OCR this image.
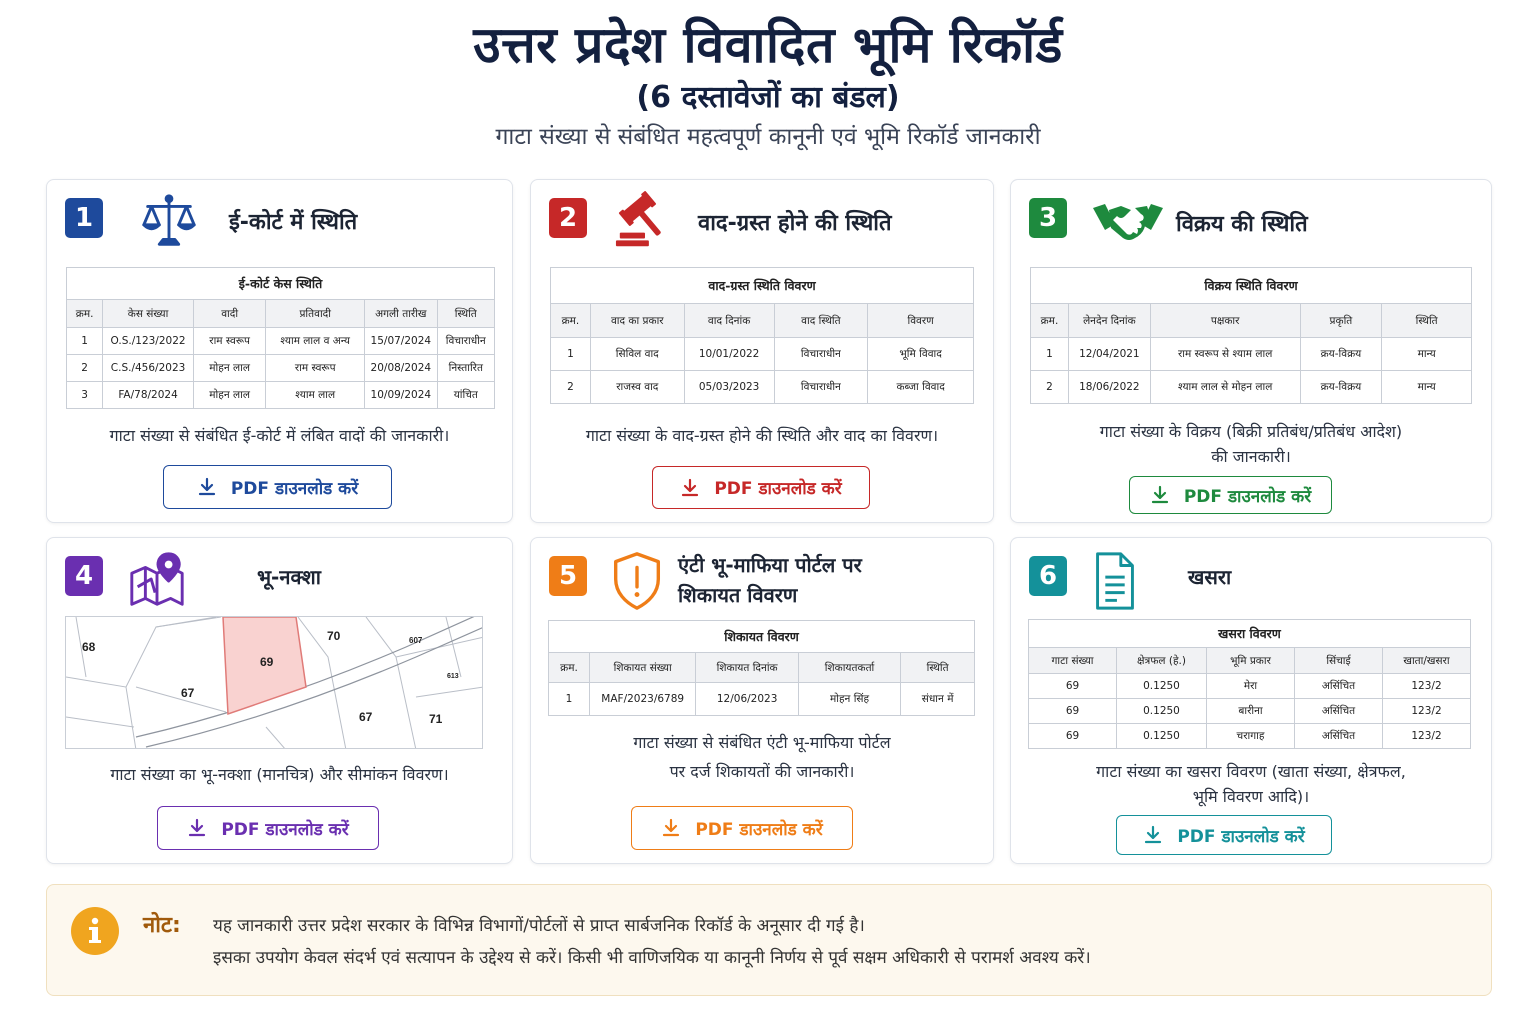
उत्तर प्रदेश विवादित भूमि रिकॉर्ड
(6 दस्तावेजों का बंडल)
गाटा संख्या से संबंधित महत्वपूर्ण कानूनी एवं भूमि रिकॉर्ड जानकारी
1	ई-कोर्ट में स्थिति
ई-कोर्ट केस स्थिति					
क्रम.	केस संख्या	वादी	प्रतिवादी	अगली तारीख	स्थिति
1	O.S./123/2022	राम स्वरूप	श्याम लाल व अन्य	15/07/2024	विचाराधीन
2	C.S./456/2023	मोहन लाल	राम स्वरूप	20/08/2024	निस्तारित
3	FA/78/2024	मोहन लाल	श्याम लाल	10/09/2024	यांचित
गाटा संख्या से संबंधित ई-कोर्ट में लंबित वादों की जानकारी।
PDF डाउनलोड करें
2	वाद-ग्रस्त होने की स्थिति
वाद-ग्रस्त स्थिति विवरण				
क्रम.	वाद का प्रकार	वाद दिनांक	वाद स्थिति	विवरण
1	सिविल वाद	10/01/2022	विचाराधीन	भूमि विवाद
2	राजस्व वाद	05/03/2023	विचाराधीन	कब्जा विवाद
गाटा संख्या के वाद-ग्रस्त होने की स्थिति और वाद का विवरण।
PDF डाउनलोड करें
3	विक्रय की स्थिति
विक्रय स्थिति विवरण				
क्रम.	लेनदेन दिनांक	पक्षकार	प्रकृति	स्थिति
1	12/04/2021	राम स्वरूप से श्याम लाल	क्रय-विक्रय	मान्य
2	18/06/2022	श्याम लाल से मोहन लाल	क्रय-विक्रय	मान्य
गाटा संख्या के विक्रय (बिक्री प्रतिबंध/प्रतिबंध आदेश)
की जानकारी।
PDF डाउनलोड करें
4	भू-नक्शा
68
69
70
67
67	71
607
613
गाटा संख्या का भू-नक्शा (मानचित्र) और सीमांकन विवरण।
PDF डाउनलोड करें
5	एंटी भू-माफिया पोर्टल पर
शिकायत विवरण
शिकायत विवरण				
क्रम.	शिकायत संख्या	शिकायत दिनांक	शिकायतकर्ता	स्थिति
1	MAF/2023/6789	12/06/2023	मोहन सिंह	संधान में
गाटा संख्या से संबंधित एंटी भू-माफिया पोर्टल
पर दर्ज शिकायतों की जानकारी।
PDF डाउनलोड करें
6	खसरा
खसरा विवरण				
गाटा संख्या	क्षेत्रफल (हे.)	भूमि प्रकार	सिंचाई	खाता/खसरा
69	0.1250	मेरा	असिंचित	123/2
69	0.1250	बारीना	असिंचित	123/2
69	0.1250	चरागाह	असिंचित	123/2
गाटा संख्या का खसरा विवरण (खाता संख्या, क्षेत्रफल,
भूमि विवरण आदि)।
PDF डाउनलोड करें
नोट: यह जानकारी उत्तर प्रदेश सरकार के विभिन्न विभागों/पोर्टलों से प्राप्त सार्बजनिक रिकॉर्ड के अनूसार दी गई है।
इसका उपयोग केवल संदर्भ एवं सत्यापन के उद्देश्य से करें। किसी भी वाणिजयिक या कानूनी निर्णय से पूर्व सक्षम अधिकारी से परामर्श अवश्य करें।
